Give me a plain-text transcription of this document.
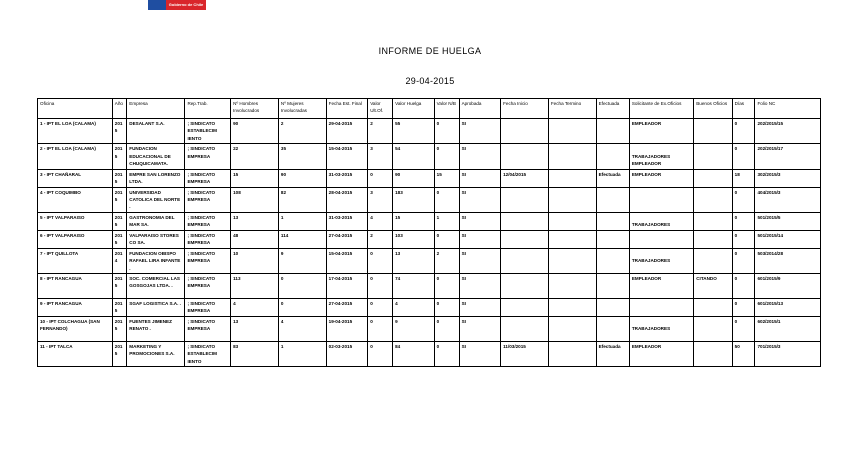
Gobierno de Chile
INFORME DE HUELGA
29-04-2015
Oficina	Año	Empresa	Rep.Trab.	Nº Hombres Involucrados	Nº Mujeres Involucradas	Fecha Est. Final	Valor Ult.Of.	Valor Huelga	Valor N/B	Aprobada	Fecha Inicio	Fecha Termino	Efectuada	Solicitante de Ex.Oficios	Buenos Oficios	Días	Folio NC
1 - IPT EL LOA (CALAMA)	2015	DESALANT S.A.	; SINDICATO ESTABLECIM IENTO	90	2	29-04-2015	2	55	0	SI				EMPLEADOR		0	202/2015/15
2 - IPT EL LOA (CALAMA)	2015	FUNDACION EDUCACIONAL DE CHUQUICAMATA.	; SINDICATO EMPRESA	22	35	15-04-2015	3	54	0	SI				TRABAJADORES EMPLEADOR		0	202/2015/17
3 - IPT CHAÑARAL	2015	EMPRE SAN LORENZO LTDA.	; SINDICATO EMPRESA	15	90	31-03-2015	0	90	15	SI	12/04/2015		Efectuada	EMPLEADOR		18	302/2015/3
4 - IPT COQUIMBO	2015	UNIVERSIDAD CATOLICA DEL NORTE .	; SINDICATO EMPRESA	108	82	28-04-2015	3	183	0	SI						0	404/2015/3
5 - IPT VALPARAISO	2015	GASTRONOMIA DEL MAR SA.	; SINDICATO EMPRESA	13	1	31-03-2015	4	15	1	SI				TRABAJADORES		0	501/2015/5
6 - IPT VALPARAISO	2015	VALPARAISO STORES CO SA.	; SINDICATO EMPRESA	48	114	27-04-2015	2	103	0	SI						0	501/2015/14
7 - IPT QUILLOTA	2014	FUNDACION OBISPO RAFAEL LIRA INFANTE .	; SINDICATO EMPRESA	10	9	15-04-2015	0	13	2	SI				TRABAJADORES		0	503/2014/28
8 - IPT RANCAGUA	2015	SOC. COMERCIAL LAS GOSGOJAS LTDA. .	; SINDICATO EMPRESA	113	0	17-04-2015	0	74	0	SI				EMPLEADOR	CITANDO	0	601/2015/9
9 - IPT RANCAGUA	2015	SGAF LOGISTICA S.A. .	; SINDICATO EMPRESA	4	0	27-04-2015	0	4	0	SI						0	601/2015/13
10 - IPT COLCHAGUA (SAN FERNANDO)	2015	FUENTES JIMENEZ RENATO .	; SINDICATO EMPRESA	13	4	19-04-2015	0	9	0	SI				TRABAJADORES		0	602/2015/1
11 - IPT TALCA	2015	MARKETING Y PROMOCIONES S.A.	; SINDICATO ESTABLECIM IENTO	83	1	02-03-2015	0	84	0	SI	11/03/2015		Efectuada	EMPLEADOR		50	701/2015/3
